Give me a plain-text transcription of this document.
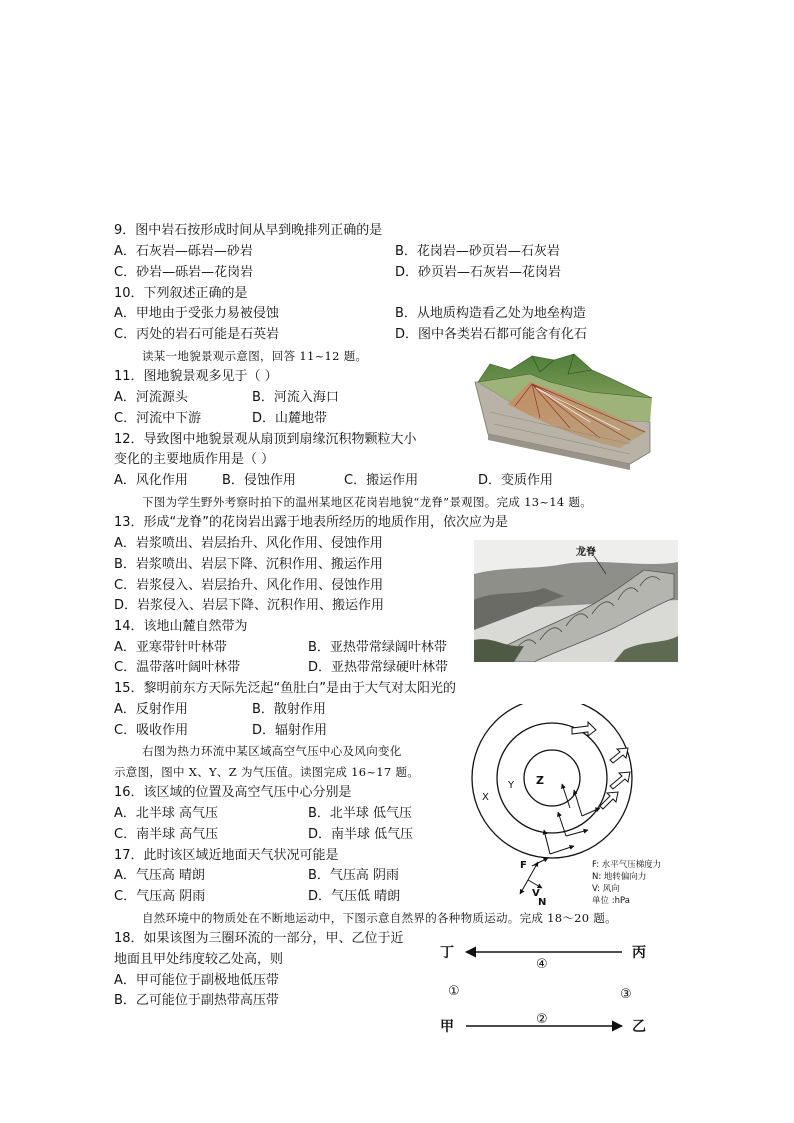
9．图中岩石按形成时间从早到晚排列正确的是
A．石灰岩—砾岩—砂岩	B．花岗岩—砂页岩—石灰岩
C．砂岩—砾岩—花岗岩	D．砂页岩—石灰岩—花岗岩
10．下列叙述正确的是
A．甲地由于受张力易被侵蚀	B．从地质构造看乙处为地垒构造
C．丙处的岩石可能是石英岩	D．图中各类岩石都可能含有化石
读某一地貌景观示意图，回答 11~12 题。
11．图地貌景观多见于（ ）
A．河流源头	B．河流入海口
C．河流中下游	D．山麓地带
12．导致图中地貌景观从扇顶到扇缘沉积物颗粒大小
变化的主要地质作用是（ ）
A．风化作用	B．侵蚀作用	C．搬运作用	D．变质作用
下图为学生野外考察时拍下的温州某地区花岗岩地貌“龙脊”景观图。完成 13~14 题。
13．形成“龙脊”的花岗岩出露于地表所经历的地质作用，依次应为是
A．岩浆喷出、岩层抬升、风化作用、侵蚀作用
B．岩浆喷出、岩层下降、沉积作用、搬运作用
C．岩浆侵入、岩层抬升、风化作用、侵蚀作用
D．岩浆侵入、岩层下降、沉积作用、搬运作用
龙脊
14．该地山麓自然带为
A．亚寒带针叶林带	B．亚热带常绿阔叶林带
C．温带落叶阔叶林带	D．亚热带常绿硬叶林带
15．黎明前东方天际先泛起“鱼肚白”是由于大气对太阳光的
A．反射作用	B．散射作用
C．吸收作用	D．辐射作用
右图为热力环流中某区域高空气压中心及风向变化
示意图，图中 X、Y、Z 为气压值。读图完成 16~17 题。
16．该区域的位置及高空气压中心分别是
A．北半球 高气压	B．北半球 低气压
C．南半球 高气压	D．南半球 低气压
17．此时该区域近地面天气状况可能是
A．气压高 晴朗	B．气压高 阴雨
C．气压高 阴雨	D．气压低 晴朗
X
Y Z
F
V
N
F: 水平气压梯度力
N: 地转偏向力
V: 风向
单位 :hPa
自然环境中的物质处在不断地运动中，下图示意自然界的各种物质运动。完成 18～20 题。
18．如果该图为三圈环流的一部分，甲、乙位于近
地面且甲处纬度较乙处高，则
A．甲可能位于副极地低压带
B．乙可能位于副热带高压带
丁	丙
甲	乙
④
①	③
②
